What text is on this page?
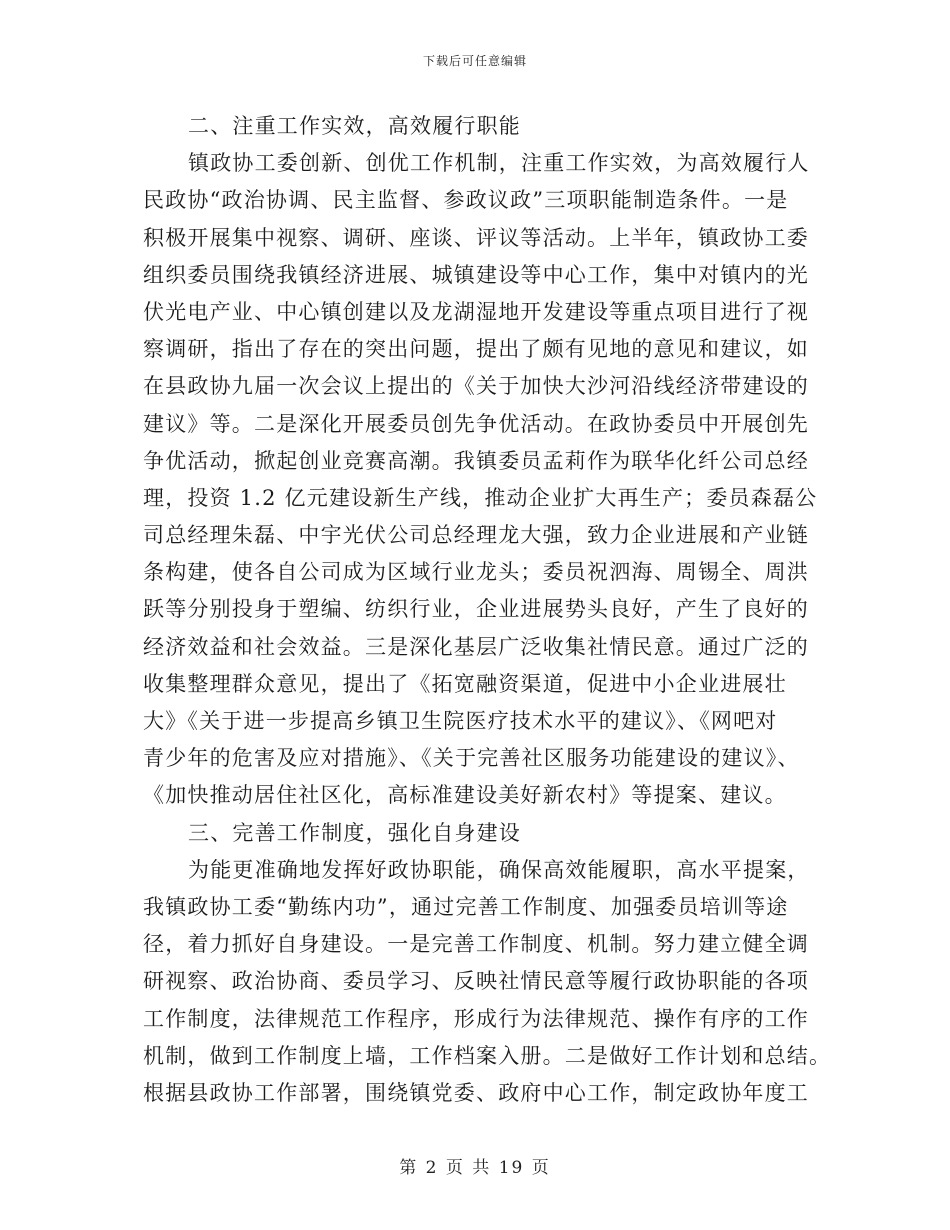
下载后可任意编辑
二、注重工作实效，高效履行职能
镇政协工委创新、创优工作机制，注重工作实效，为高效履行人
民政协“政治协调、民主监督、参政议政”三项职能制造条件。一是
积极开展集中视察、调研、座谈、评议等活动。上半年，镇政协工委
组织委员围绕我镇经济进展、城镇建设等中心工作，集中对镇内的光
伏光电产业、中心镇创建以及龙湖湿地开发建设等重点项目进行了视
察调研，指出了存在的突出问题，提出了颇有见地的意见和建议，如
在县政协九届一次会议上提出的《关于加快大沙河沿线经济带建设的
建议》等。二是深化开展委员创先争优活动。在政协委员中开展创先
争优活动，掀起创业竞赛高潮。我镇委员孟莉作为联华化纤公司总经
理，投资 1.2 亿元建设新生产线，推动企业扩大再生产；委员森磊公
司总经理朱磊、中宇光伏公司总经理龙大强，致力企业进展和产业链
条构建，使各自公司成为区域行业龙头；委员祝泗海、周锡全、周洪
跃等分别投身于塑编、纺织行业，企业进展势头良好，产生了良好的
经济效益和社会效益。三是深化基层广泛收集社情民意。通过广泛的
收集整理群众意见，提出了《拓宽融资渠道，促进中小企业进展壮
大》《关于进一步提高乡镇卫生院医疗技术水平的建议》、《网吧对
青少年的危害及应对措施》、《关于完善社区服务功能建设的建议》、
《加快推动居住社区化，高标准建设美好新农村》等提案、建议。
三、完善工作制度，强化自身建设
为能更准确地发挥好政协职能，确保高效能履职，高水平提案，
我镇政协工委“勤练内功”，通过完善工作制度、加强委员培训等途
径，着力抓好自身建设。一是完善工作制度、机制。努力建立健全调
研视察、政治协商、委员学习、反映社情民意等履行政协职能的各项
工作制度，法律规范工作程序，形成行为法律规范、操作有序的工作
机制，做到工作制度上墙，工作档案入册。二是做好工作计划和总结。
根据县政协工作部署，围绕镇党委、政府中心工作，制定政协年度工
第 2 页 共 19 页
